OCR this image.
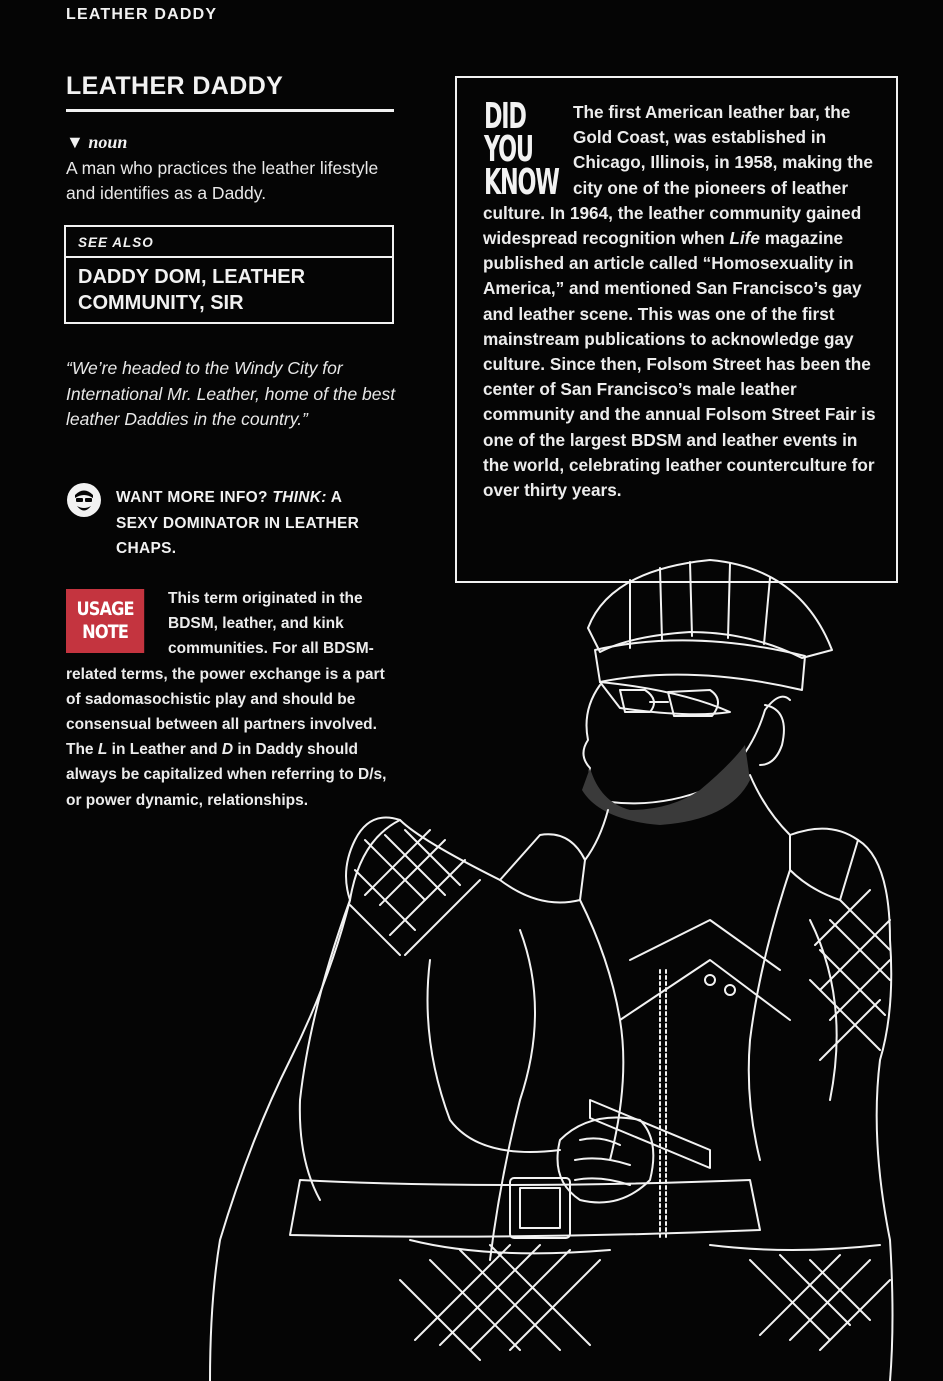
LEATHER DADDY
LEATHER DADDY
▼ noun
A man who practices the leather lifestyle and identifies as a Daddy.
SEE ALSO
DADDY DOM, LEATHER COMMUNITY, SIR
“We’re headed to the Windy City for International Mr. Leather, home of the best leather Daddies in the country.”
WANT MORE INFO? THINK: A SEXY DOMINATOR IN LEATHER CHAPS.
USAGE
NOTE
This term originated in the BDSM, leather, and kink communities. For all BDSM-related terms, the power exchange is a part of sadomasochistic play and should be consensual between all partners involved. The L in Leather and D in Daddy should always be capitalized when referring to D/s, or power dynamic, relationships.
DID
YOU
KNOW
The first American leather bar, the Gold Coast, was established in Chicago, Illinois, in 1958, making the city one of the pioneers of leather culture. In 1964, the leather community gained widespread recognition when Life magazine published an article called “Homosexuality in America,” and mentioned San Francisco’s gay and leather scene. This was one of the first mainstream publications to acknowledge gay culture. Since then, Folsom Street has been the center of San Francisco’s male leather community and the annual Folsom Street Fair is one of the largest BDSM and leather events in the world, celebrating leather counterculture for over thirty years.
